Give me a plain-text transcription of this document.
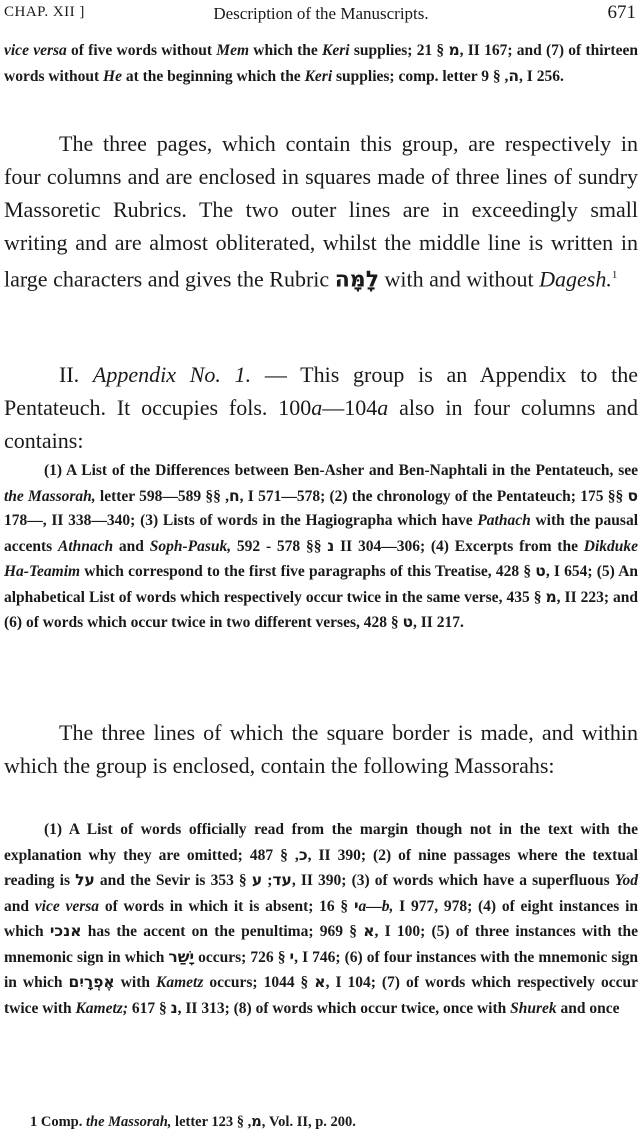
CHAP. XII ]	Description of the Manuscripts.	671
vice versa of five words without Mem which the Keri supplies; מ § 21, II 167; and (7) of thirteen words without He at the beginning which the Keri supplies; comp. letter ה, § 9, I 256.
The three pages, which contain this group, are respectively in four columns and are enclosed in squares made of three lines of sundry Massoretic Rubrics. The two outer lines are in exceedingly small writing and are almost obliterated, whilst the middle line is written in large characters and gives the Rubric לָמָּה with and without Dagesh.$^1$
II. Appendix No. 1. — This group is an Appendix to the Pentateuch. It occupies fols. 100a—104a also in four columns and contains:
(1) A List of the Differences between Ben-Asher and Ben-Naphtali in the Pentateuch, see the Massorah, letter	ח, §§ 589—598, I 571—578; (2) the chronology of the Pentateuch;	ס §§ 175—178, II 338—340; (3) Lists of words in the Hagiographa which have Pathach with the pausal accents Athnach and Soph-Pasuk,	נ §§ 578 - 592 II 304—306; (4) Excerpts from the Dikduke Ha-Teamim which correspond to the first five paragraphs of this Treatise,	ט § 428, I 654; (5) An alphabetical List of words which respectively occur twice in the same verse,	מ § 435, II 223; and (6) of words which occur twice in two different verses,	ט § 428, II 217.
The three lines of which the square border is made, and within which the group is enclosed, contain the following Massorahs:
(1) A List of words officially read from the margin though not in the text with the explanation why they are omitted;	כ, § 487, II 390; (2) of nine passages where the textual reading is על and the Sevir is	עד; ע § 353, II 390; (3) of words which have a superfluous Yod and vice versa of words in which it is absent; י § 16 a—b, I 977, 978; (4) of eight instances in which אנכי has the accent on the penultima;	א § 969, I 100; (5) of three instances with the mnemonic sign in which יָשַׁר occurs;	י § 726, I 746; (6) of four instances with the mnemonic sign in which אֶפְרָיִם with Kametz occurs;	א § 1044, I 104; (7) of words which respectively occur twice with Kametz;	נ § 617, II 313; (8) of words which occur twice, once with Shurek and once
1 Comp. the Massorah, letter	מ, § 123, Vol. II, p. 200.
